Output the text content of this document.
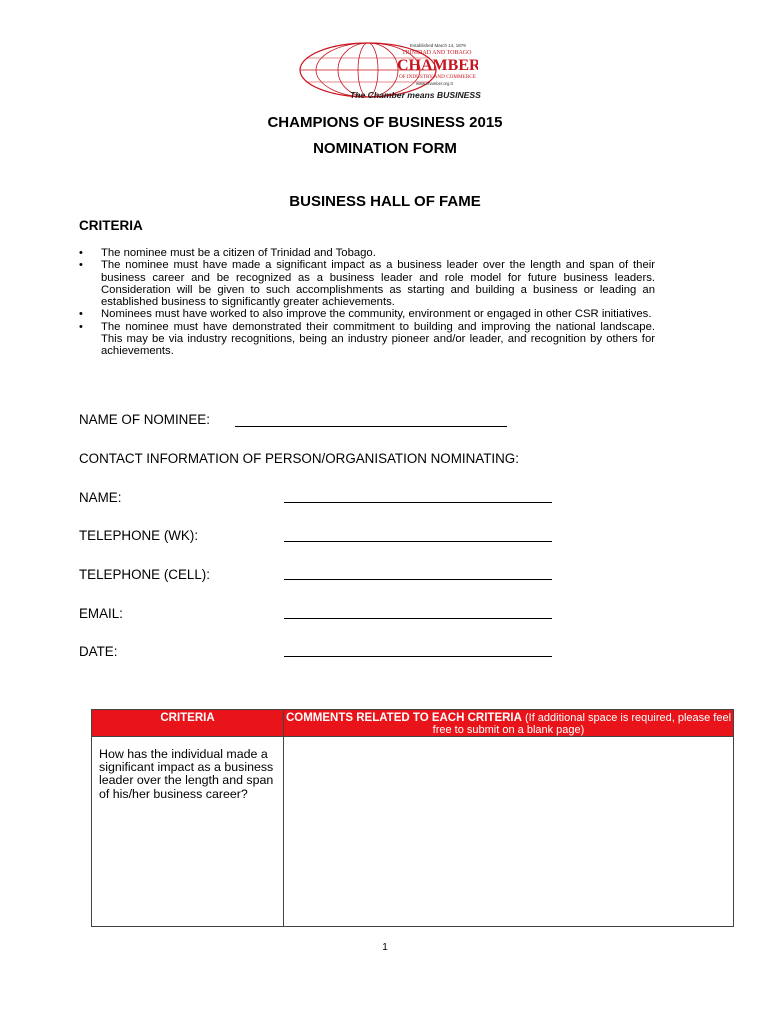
Established March 14, 1879
TRINIDAD AND TOBAGO
CHAMBER
OF INDUSTRY AND COMMERCE
www.chamber.org.tt
The Chamber means BUSINESS
CHAMPIONS OF BUSINESS 2015
NOMINATION FORM
BUSINESS HALL OF FAME
CRITERIA
• The nominee must be a citizen of Trinidad and Tobago.
• The nominee must have made a significant impact as a business leader over the length and span of their business career and be recognized as a business leader and role model for future business leaders. Consideration will be given to such accomplishments as starting and building a business or leading an established business to significantly greater achievements.
• Nominees must have worked to also improve the community, environment or engaged in other CSR initiatives.
• The nominee must have demonstrated their commitment to building and improving the national landscape. This may be via industry recognitions, being an industry pioneer and/or leader, and recognition by others for achievements.
NAME OF NOMINEE:
CONTACT INFORMATION OF PERSON/ORGANISATION NOMINATING:
NAME:
TELEPHONE (WK):
TELEPHONE (CELL):
EMAIL:
DATE:
CRITERIA	COMMENTS RELATED TO EACH CRITERIA (If additional space is required, please feel free to submit on a blank page)
How has the individual made a significant impact as a business leader over the length and span of his/her business career?
1
